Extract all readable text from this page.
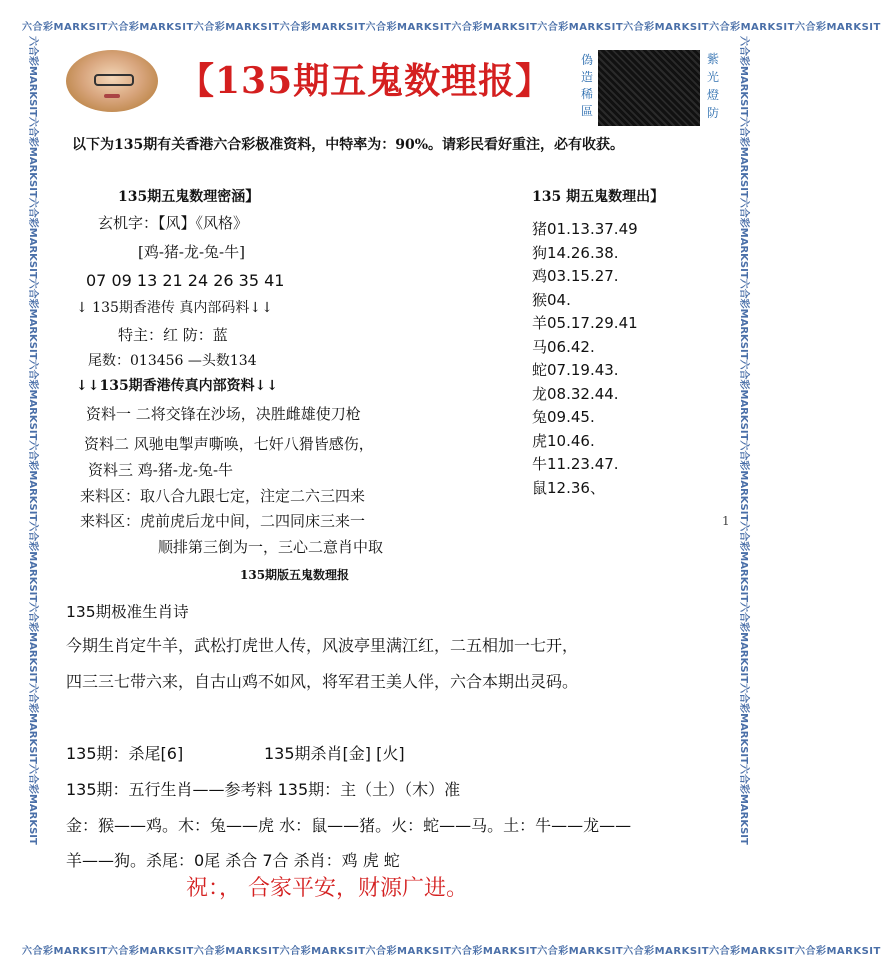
六合彩MARKSIT六合彩MARKSIT六合彩MARKSIT六合彩MARKSIT六合彩MARKSIT六合彩MARKSIT六合彩MARKSIT六合彩MARKSIT六合彩MARKSIT六合彩MARKSIT
六合彩MARKSIT六合彩MARKSIT六合彩MARKSIT六合彩MARKSIT六合彩MARKSIT六合彩MARKSIT六合彩MARKSIT六合彩MARKSIT六合彩MARKSIT六合彩MARKSIT
六合彩MARKSIT六合彩MARKSIT六合彩MARKSIT六合彩MARKSIT六合彩MARKSIT六合彩MARKSIT六合彩MARKSIT六合彩MARKSIT六合彩MARKSIT六合彩MARKSIT	六合彩MARKSIT六合彩MARKSIT六合彩MARKSIT六合彩MARKSIT六合彩MARKSIT六合彩MARKSIT六合彩MARKSIT六合彩MARKSIT六合彩MARKSIT六合彩MARKSIT
【135期五鬼数理报】	偽造稀區
紫光燈防
以下为135期有关香港六合彩极准资料，中特率为：90%。请彩民看好重注，必有收获。
135期五鬼数理密涵】
玄机字：【风】《风格》
[鸡-猪-龙-兔-牛]
07 09 13 21 24 26 35 41
↓ 135期香港传 真内部码料↓↓
特主：红 防：蓝
尾数：013456 —头数134
↓↓135期香港传真内部资料↓↓
资料一 二将交锋在沙场，决胜雌雄使刀枪
资料二 风驰电掣声嘶唤，七奸八猾皆感伤，
资料三 鸡-猪-龙-兔-牛
来料区：取八合九跟七定，注定二六三四来
来料区：虎前虎后龙中间，二四同床三来一
顺排第三倒为一，三心二意肖中取
135期版五鬼数理报
135 期五鬼数理出】
猪01.13.37.49
狗14.26.38.
鸡03.15.27.
猴04.
羊05.17.29.41
马06.42.
蛇07.19.43.
龙08.32.44.
兔09.45.
虎10.46.
牛11.23.47.
鼠12.36、
1
135期极准生肖诗
今期生肖定牛羊，武松打虎世人传，风波亭里满江红，二五相加一七开，
四三三七带六来，自古山鸡不如风，将军君王美人伴，六合本期出灵码。
135期：杀尾[6]	135期杀肖[金] [火]
135期：五行生肖——参考料 135期：主（土）（木）准
金：猴——鸡。木：兔——虎 水：鼠——猪。火：蛇——马。土：牛——龙——
羊——狗。杀尾：0尾 杀合 7合 杀肖：鸡 虎 蛇
祝：， 合家平安，财源广进。
